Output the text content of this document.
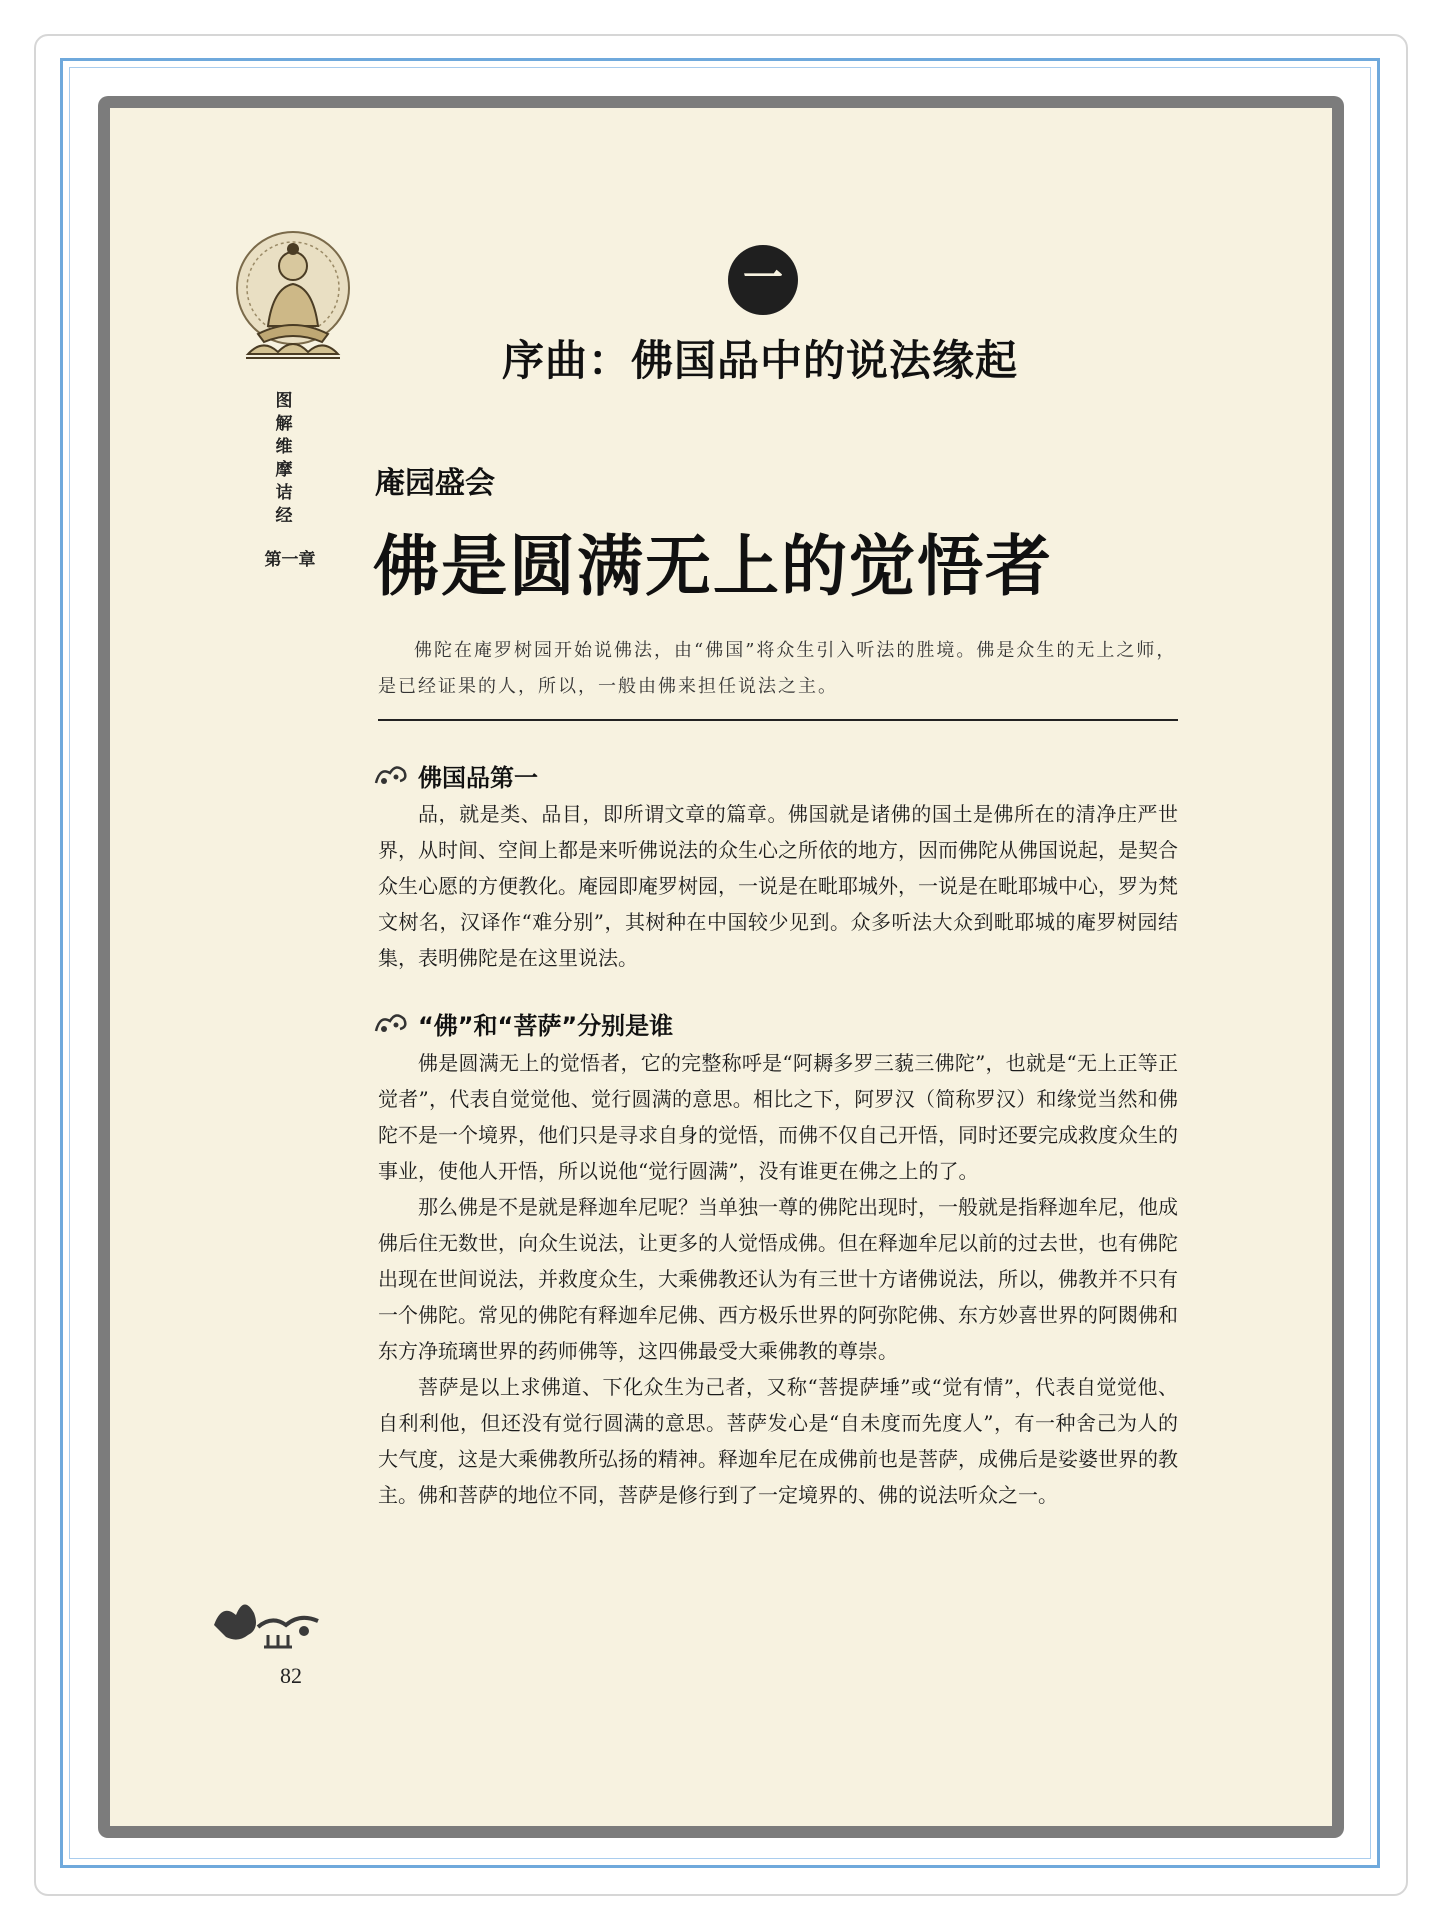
图解维摩诘经
第一章
82
一
序曲：佛国品中的说法缘起
庵园盛会
佛是圆满无上的觉悟者
佛陀在庵罗树园开始说佛法，由“佛国”将众生引入听法的胜境。佛是众生的无上之师，是已经证果的人，所以，一般由佛来担任说法之主。
佛国品第一

品，就是类、品目，即所谓文章的篇章。佛国就是诸佛的国土是佛所在的清净庄严世界，从时间、空间上都是来听佛说法的众生心之所依的地方，因而佛陀从佛国说起，是契合众生心愿的方便教化。庵园即庵罗树园，一说是在毗耶城外，一说是在毗耶城中心，罗为梵文树名，汉译作“难分别”，其树种在中国较少见到。众多听法大众到毗耶城的庵罗树园结集，表明佛陀是在这里说法。

“佛”和“菩萨”分别是谁

佛是圆满无上的觉悟者，它的完整称呼是“阿耨多罗三藐三佛陀”，也就是“无上正等正觉者”，代表自觉觉他、觉行圆满的意思。相比之下，阿罗汉（简称罗汉）和缘觉当然和佛陀不是一个境界，他们只是寻求自身的觉悟，而佛不仅自己开悟，同时还要完成救度众生的事业，使他人开悟，所以说他“觉行圆满”，没有谁更在佛之上的了。

那么佛是不是就是释迦牟尼呢？当单独一尊的佛陀出现时，一般就是指释迦牟尼，他成佛后住无数世，向众生说法，让更多的人觉悟成佛。但在释迦牟尼以前的过去世，也有佛陀出现在世间说法，并救度众生，大乘佛教还认为有三世十方诸佛说法，所以，佛教并不只有一个佛陀。常见的佛陀有释迦牟尼佛、西方极乐世界的阿弥陀佛、东方妙喜世界的阿閦佛和东方净琉璃世界的药师佛等，这四佛最受大乘佛教的尊崇。

菩萨是以上求佛道、下化众生为己者，又称“菩提萨埵”或“觉有情”，代表自觉觉他、自利利他，但还没有觉行圆满的意思。菩萨发心是“自未度而先度人”，有一种舍己为人的大气度，这是大乘佛教所弘扬的精神。释迦牟尼在成佛前也是菩萨，成佛后是娑婆世界的教主。佛和菩萨的地位不同，菩萨是修行到了一定境界的、佛的说法听众之一。
